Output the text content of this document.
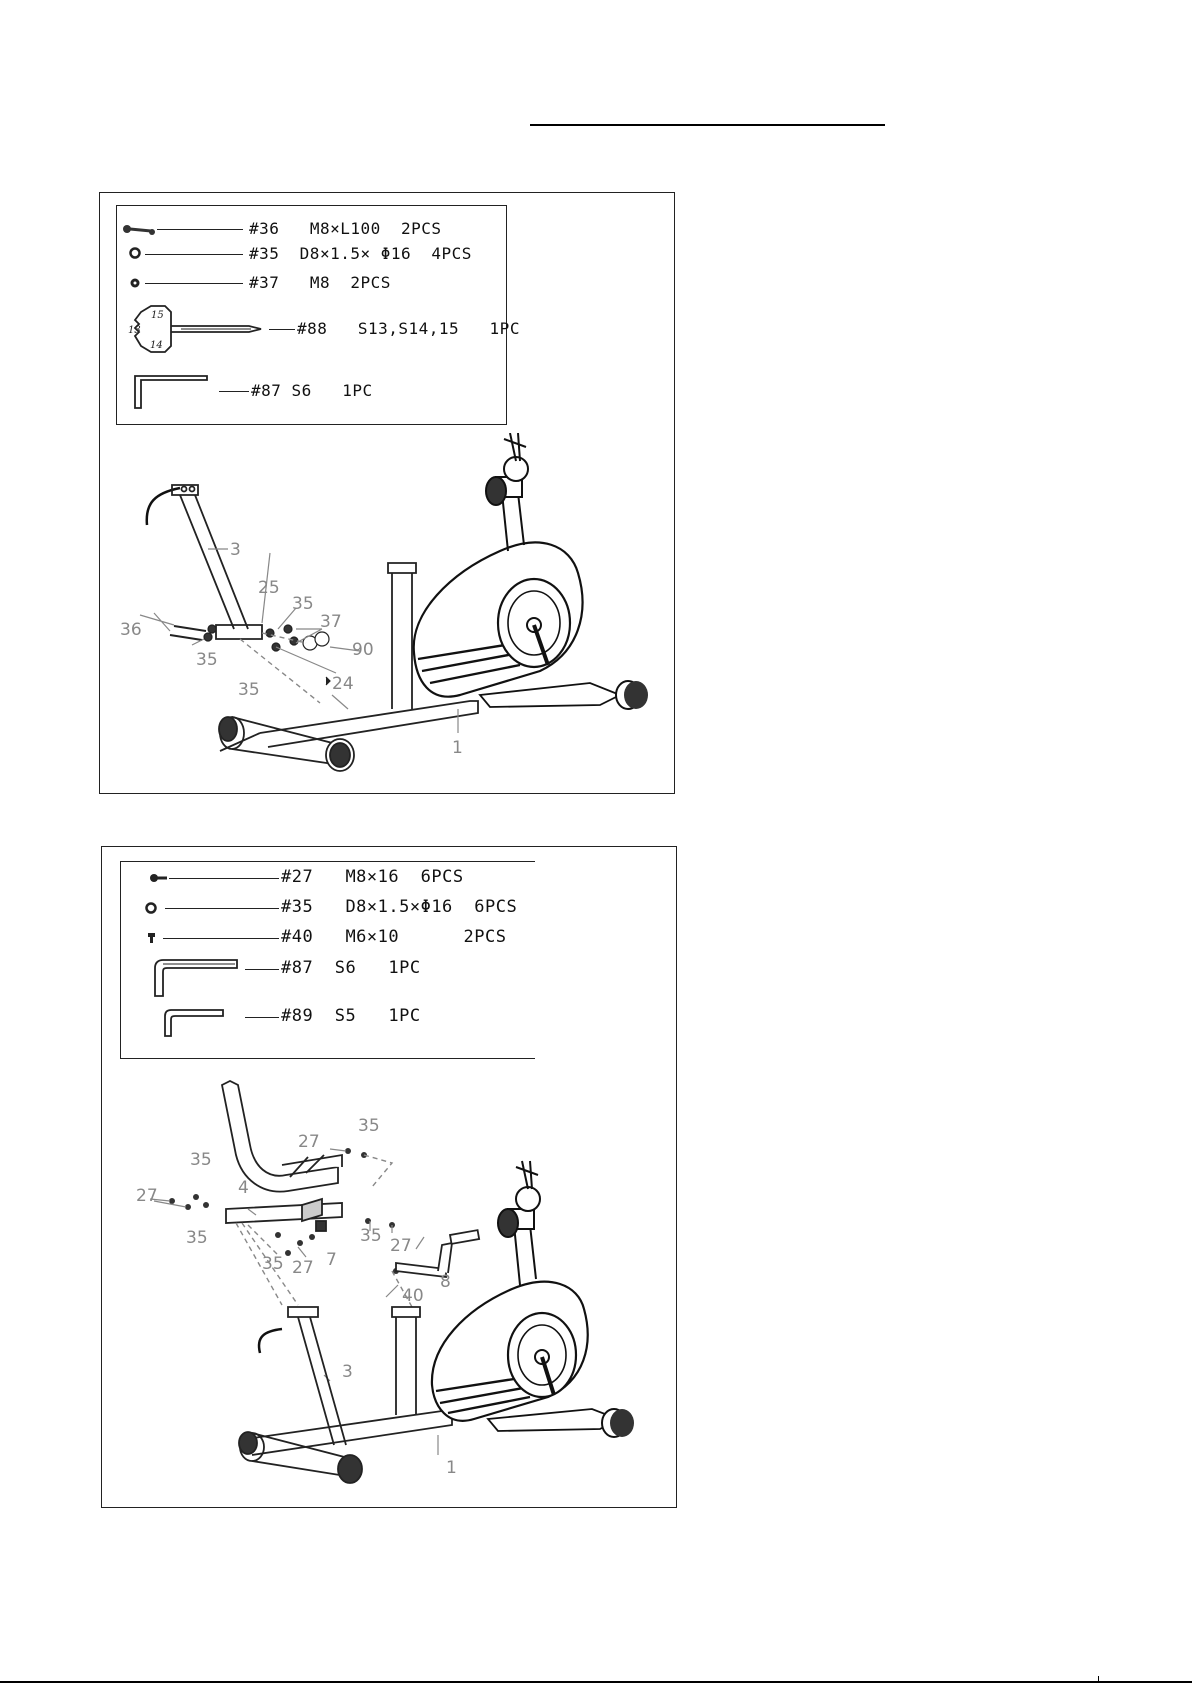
#36 M8×L100 2PCS
#35 D8×1.5× Φ16 4PCS
#37 M8 2PCS
15
13
14
#88 S13,S14,15 1PC
#87 S6 1PC
3
25
36
35
35
37
90
35	24
1
#27 M8×16 6PCS
#35 D8×1.5×Φ16 6PCS
#40 M6×10	2PCS
#87 S6 1PC
#89 S5 1PC
35
27
35
27	4
35	35 27
35 27 7
8
40
3
1
